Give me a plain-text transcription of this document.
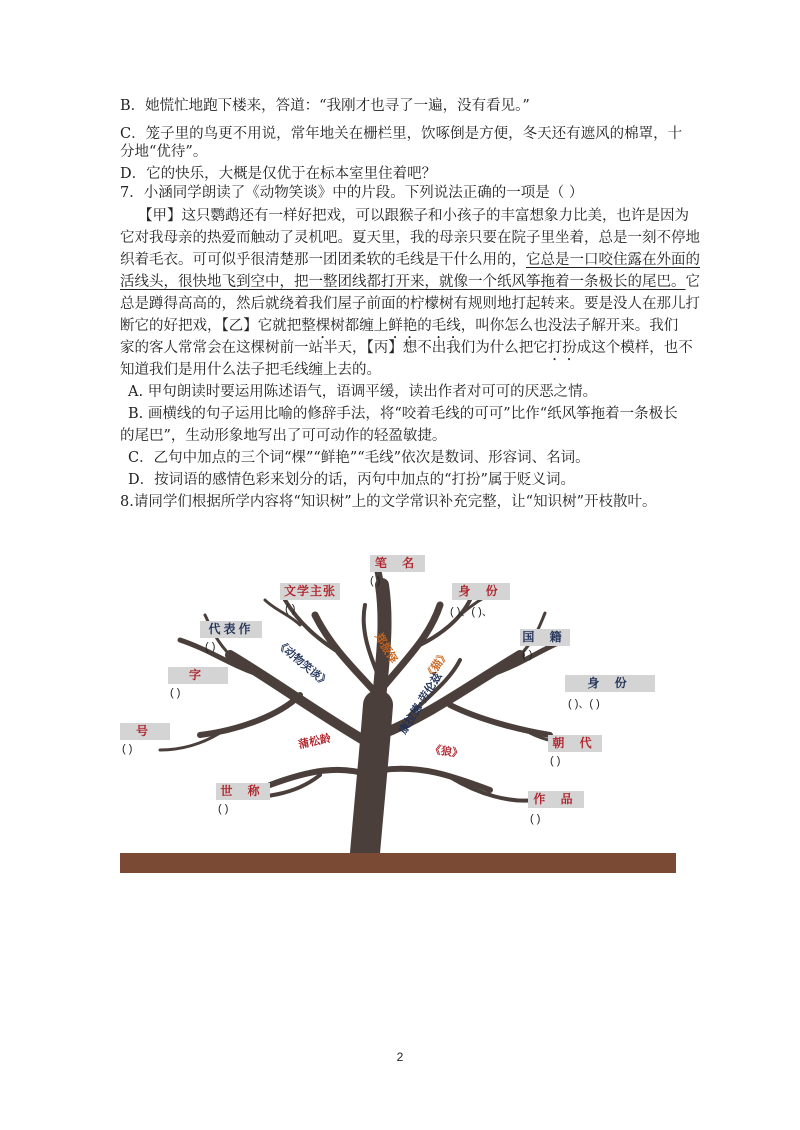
B．她慌忙地跑下楼来，答道：“我刚才也寻了一遍，没有看见。”
C．笼子里的鸟更不用说，常年地关在栅栏里，饮啄倒是方便，冬天还有遮风的棉罩，十
分地“优待”。
D．它的快乐，大概是仅优于在标本室里住着吧？
7．小涵同学朗读了《动物笑谈》中的片段。下列说法正确的一项是（ ）
【甲】这只鹦鹉还有一样好把戏，可以跟猴子和小孩子的丰富想象力比美，也许是因为
它对我母亲的热爱而触动了灵机吧。夏天里，我的母亲只要在院子里坐着，总是一刻不停地
织着毛衣。可可似乎很清楚那一团团柔软的毛线是干什么用的，它总是一口咬住露在外面的
活线头，很快地飞到空中，把一整团线都打开来，就像一个纸风筝拖着一条极长的尾巴。它
总是蹲得高高的，然后就绕着我们屋子前面的柠檬树有规则地打起转来。要是没人在那儿打
断它的好把戏，【乙】它就把整棵树都缠上鲜艳的毛线，叫你怎么也没法子解开来。我们
家的客人常常会在这棵树前一站半天，【丙】想不出我们为什么把它打扮成这个模样，也不
知道我们是用什么法子把毛线缠上去的。
A. 甲句朗读时要运用陈述语气，语调平缓，读出作者对可可的厌恶之情。
B. 画横线的句子运用比喻的修辞手法，将“咬着毛线的可可”比作“纸风筝拖着一条极长
的尾巴”，生动形象地写出了可可动作的轻盈敏捷。
C．乙句中加点的三个词“棵”“鲜艳”“毛线”依次是数词、形容词、名词。
D．按词语的感情色彩来划分的话，丙句中加点的“打扮”属于贬义词。
8.请同学们根据所学内容将“知识树”上的文学常识补充完整，让“知识树”开枝散叶。
笔 名
( )
文学主张
( )
代表作
( )
字
( )
号
( )
世 称
( )
身 份
( )、( )、
国 籍
( )
身 份
( )、( )
朝 代
( )
作 品
( )
郑振铎 《猫》
《动物笑谈》
康拉德·劳伦兹
蒲松龄
《狼》
2
